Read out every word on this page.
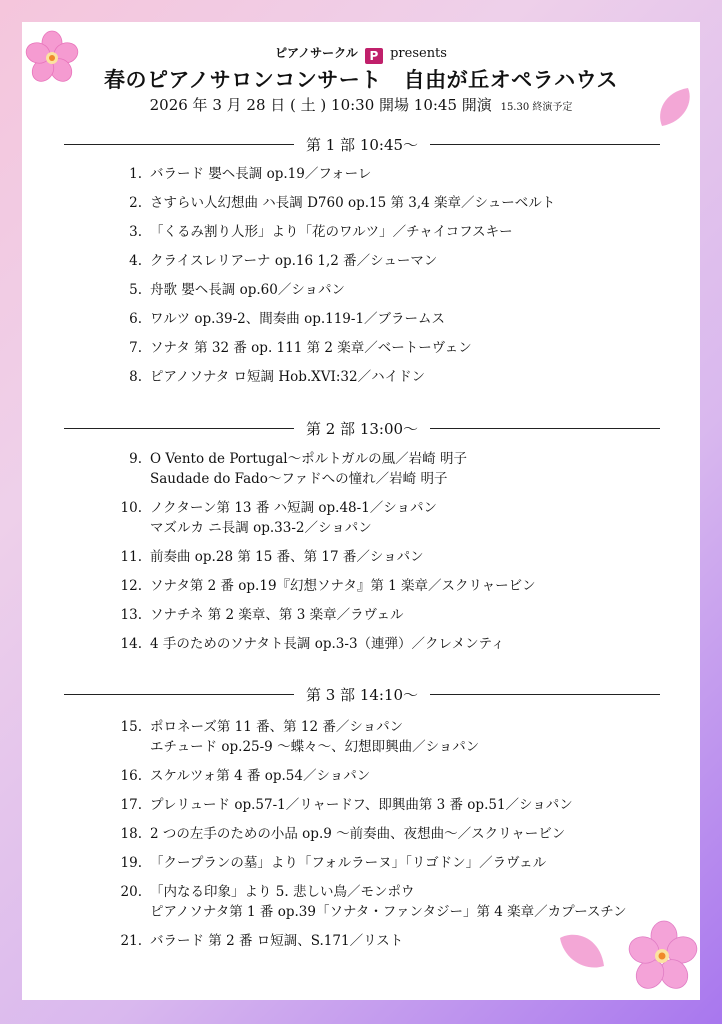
ピアノサークル P presents
春のピアノサロンコンサート 自由が丘オペラハウス
2026 年 3 月 28 日 ( 土 ) 10:30 開場 10:45 開演 15.30 終演予定
第 1 部 10:45〜
1. バラード 嬰ヘ長調 op.19／フォーレ
2. さすらい人幻想曲 ハ長調 D760 op.15 第 3,4 楽章／シューベルト
3. 「くるみ割り人形」より「花のワルツ」／チャイコフスキー
4. クライスレリアーナ op.16 1,2 番／シューマン
5. 舟歌 嬰ヘ長調 op.60／ショパン
6. ワルツ op.39-2、間奏曲 op.119-1／ブラームス
7. ソナタ 第 32 番 op. 111 第 2 楽章／ベートーヴェン
8. ピアノソナタ ロ短調 Hob.XVI:32／ハイドン
第 2 部 13:00〜
9. O Vento de Portugal〜ポルトガルの風／岩崎 明子
Saudade do Fado〜ファドへの憧れ／岩崎 明子
10. ノクターン第 13 番 ハ短調 op.48-1／ショパン
マズルカ ニ長調 op.33-2／ショパン
11. 前奏曲 op.28 第 15 番、第 17 番／ショパン
12. ソナタ第 2 番 op.19『幻想ソナタ』第 1 楽章／スクリャービン
13. ソナチネ 第 2 楽章、第 3 楽章／ラヴェル
14. 4 手のためのソナタト長調 op.3-3（連弾）／クレメンティ
第 3 部 14:10〜
15. ポロネーズ第 11 番、第 12 番／ショパン
エチュード op.25-9 〜蝶々〜、幻想即興曲／ショパン
16. スケルツォ第 4 番 op.54／ショパン
17. プレリュード op.57-1／リャードフ、即興曲第 3 番 op.51／ショパン
18. 2 つの左手のための小品 op.9 〜前奏曲、夜想曲〜／スクリャービン
19. 「クープランの墓」より「フォルラーヌ」「リゴドン」／ラヴェル
20. 「内なる印象」より 5. 悲しい鳥／モンポウ
ピアノソナタ第 1 番 op.39「ソナタ・ファンタジー」第 4 楽章／カプースチン
21. バラード 第 2 番 ロ短調、S.171／リスト
